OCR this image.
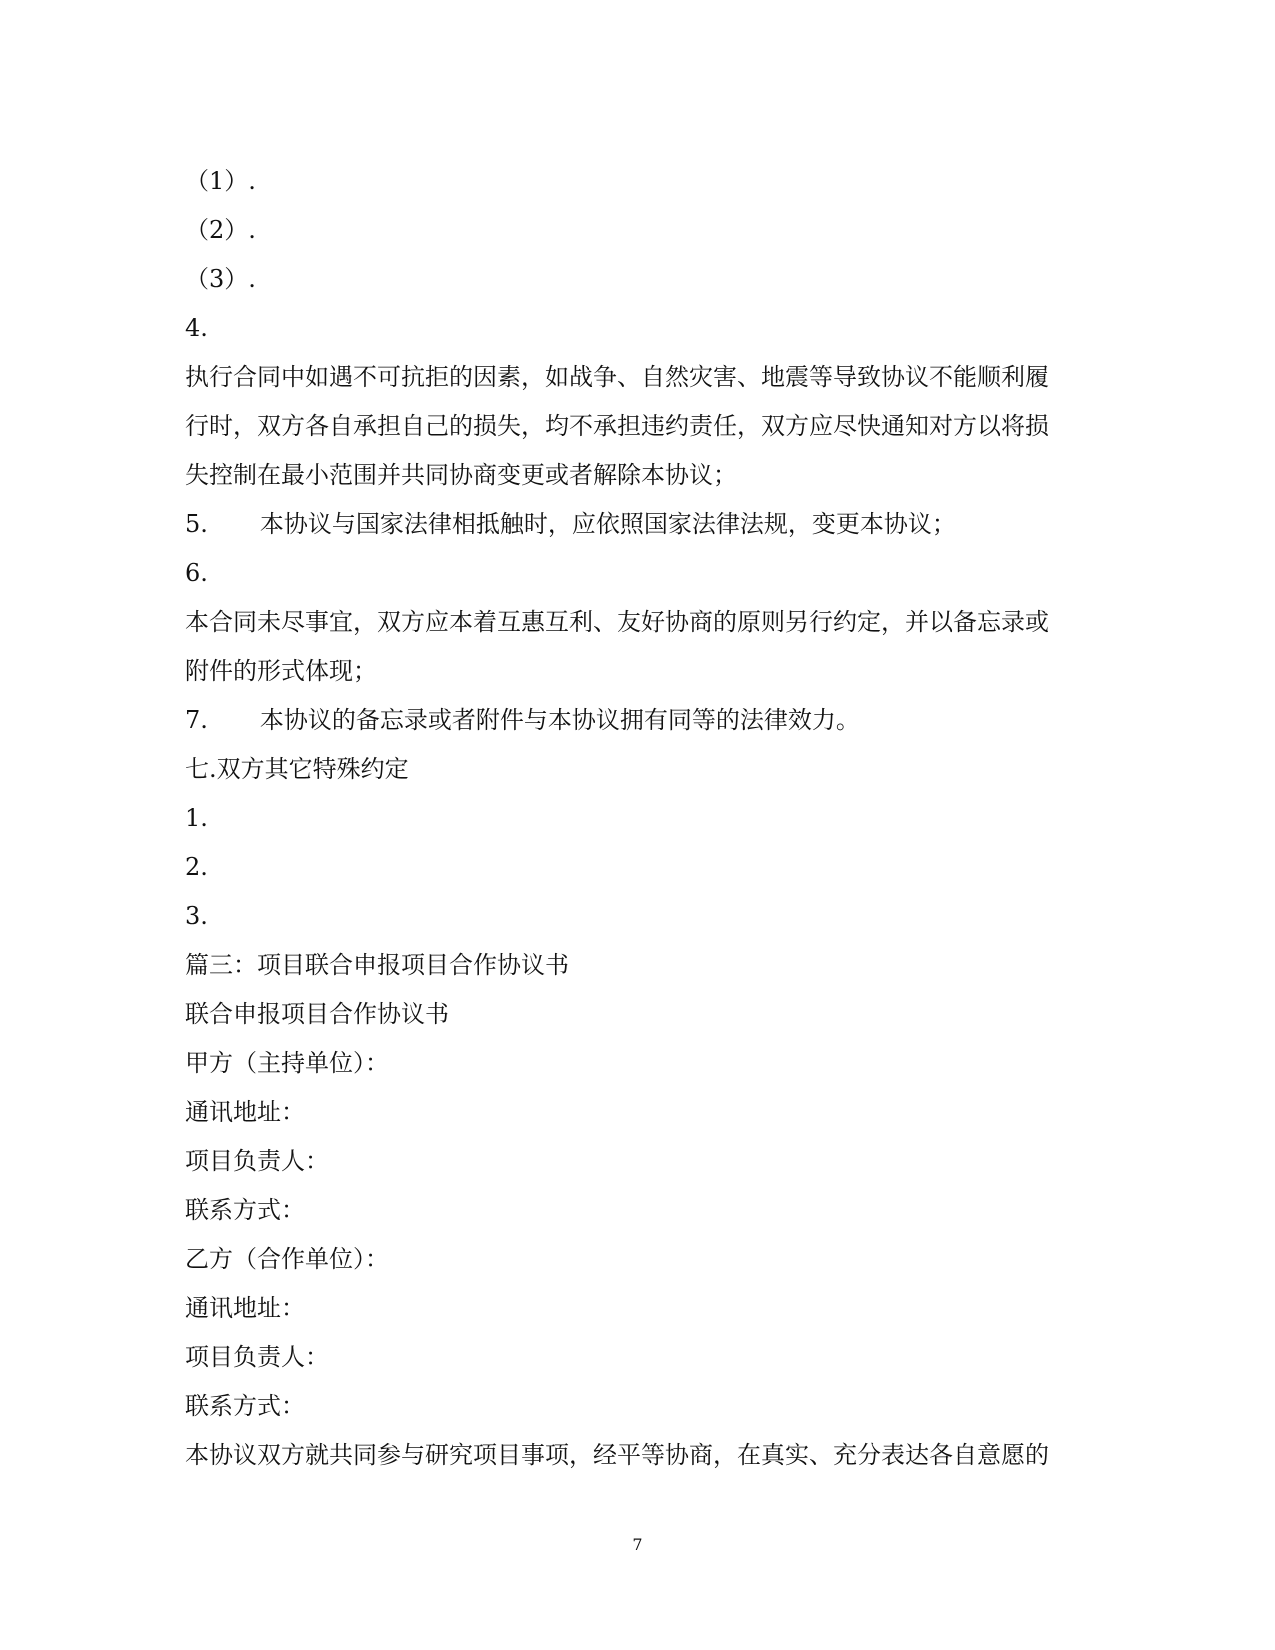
（1）.
（2）.
（3）.
4.
执行合同中如遇不可抗拒的因素，如战争、自然灾害、地震等导致协议不能顺利履
行时，双方各自承担自己的损失，均不承担违约责任，双方应尽快通知对方以将损
失控制在最小范围并共同协商变更或者解除本协议；
5. 本协议与国家法律相抵触时，应依照国家法律法规，变更本协议；
6.
本合同未尽事宜，双方应本着互惠互利、友好协商的原则另行约定，并以备忘录或
附件的形式体现；
7. 本协议的备忘录或者附件与本协议拥有同等的法律效力。
七.双方其它特殊约定
1.
2.
3.
篇三：项目联合申报项目合作协议书
联合申报项目合作协议书
甲方（主持单位）：
通讯地址：
项目负责人：
联系方式：
乙方（合作单位）：
通讯地址：
项目负责人：
联系方式：
本协议双方就共同参与研究项目事项，经平等协商，在真实、充分表达各自意愿的
7
